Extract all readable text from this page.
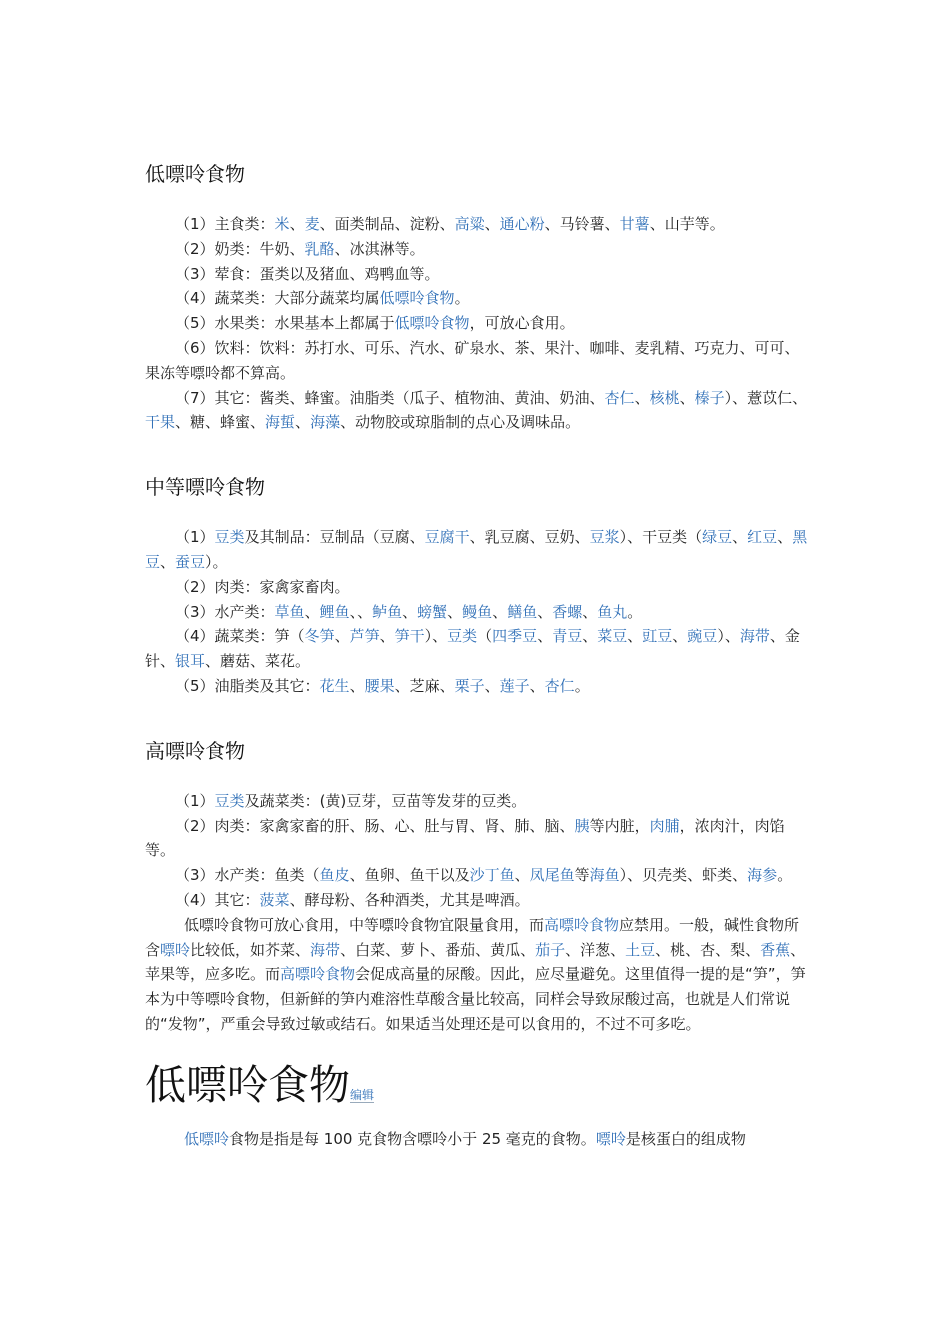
低嘌呤食物

（1）主食类：米、麦、面类制品、淀粉、高粱、通心粉、马铃薯、甘薯、山芋等。

（2）奶类：牛奶、乳酪、冰淇淋等。

（3）荤食：蛋类以及猪血、鸡鸭血等。

（4）蔬菜类：大部分蔬菜均属低嘌呤食物。

（5）水果类：水果基本上都属于低嘌呤食物，可放心食用。

（6）饮料：饮料：苏打水、可乐、汽水、矿泉水、茶、果汁、咖啡、麦乳精、巧克力、可可、果冻等嘌呤都不算高。

（7）其它：酱类、蜂蜜。油脂类（瓜子、植物油、黄油、奶油、杏仁、核桃、榛子）、薏苡仁、干果、糖、蜂蜜、海蜇、海藻、动物胶或琼脂制的点心及调味品。

中等嘌呤食物

（1）豆类及其制品：豆制品（豆腐、豆腐干、乳豆腐、豆奶、豆浆）、干豆类（绿豆、红豆、黑豆、蚕豆）。

（2）肉类：家禽家畜肉。

（3）水产类：草鱼、鲤鱼、、鲈鱼、螃蟹、鳗鱼、鳝鱼、香螺、鱼丸。

（4）蔬菜类：笋（冬笋、芦笋、笋干）、豆类（四季豆、青豆、菜豆、豇豆、豌豆）、海带、金针、银耳、蘑菇、菜花。

（5）油脂类及其它：花生、腰果、芝麻、栗子、莲子、杏仁。

高嘌呤食物

（1）豆类及蔬菜类：(黄)豆芽，豆苗等发芽的豆类。

（2）肉类：家禽家畜的肝、肠、心、肚与胃、肾、肺、脑、胰等内脏，肉脯，浓肉汁，肉馅等。

（3）水产类：鱼类（鱼皮、鱼卵、鱼干以及沙丁鱼、凤尾鱼等海鱼）、贝壳类、虾类、海参。

（4）其它：菠菜、酵母粉、各种酒类，尤其是啤酒。

低嘌呤食物可放心食用，中等嘌呤食物宜限量食用，而高嘌呤食物应禁用。一般，碱性食物所含嘌呤比较低，如芥菜、海带、白菜、萝卜、番茄、黄瓜、茄子、洋葱、土豆、桃、杏、梨、香蕉、苹果等，应多吃。而高嘌呤食物会促成高量的尿酸。因此，应尽量避免。这里值得一提的是“笋”，笋本为中等嘌呤食物，但新鲜的笋内难溶性草酸含量比较高，同样会导致尿酸过高，也就是人们常说的“发物”，严重会导致过敏或结石。如果适当处理还是可以食用的，不过不可多吃。

低嘌呤食物编辑

低嘌呤食物是指是每 100 克食物含嘌呤小于 25 毫克的食物。嘌呤是核蛋白的组成物
